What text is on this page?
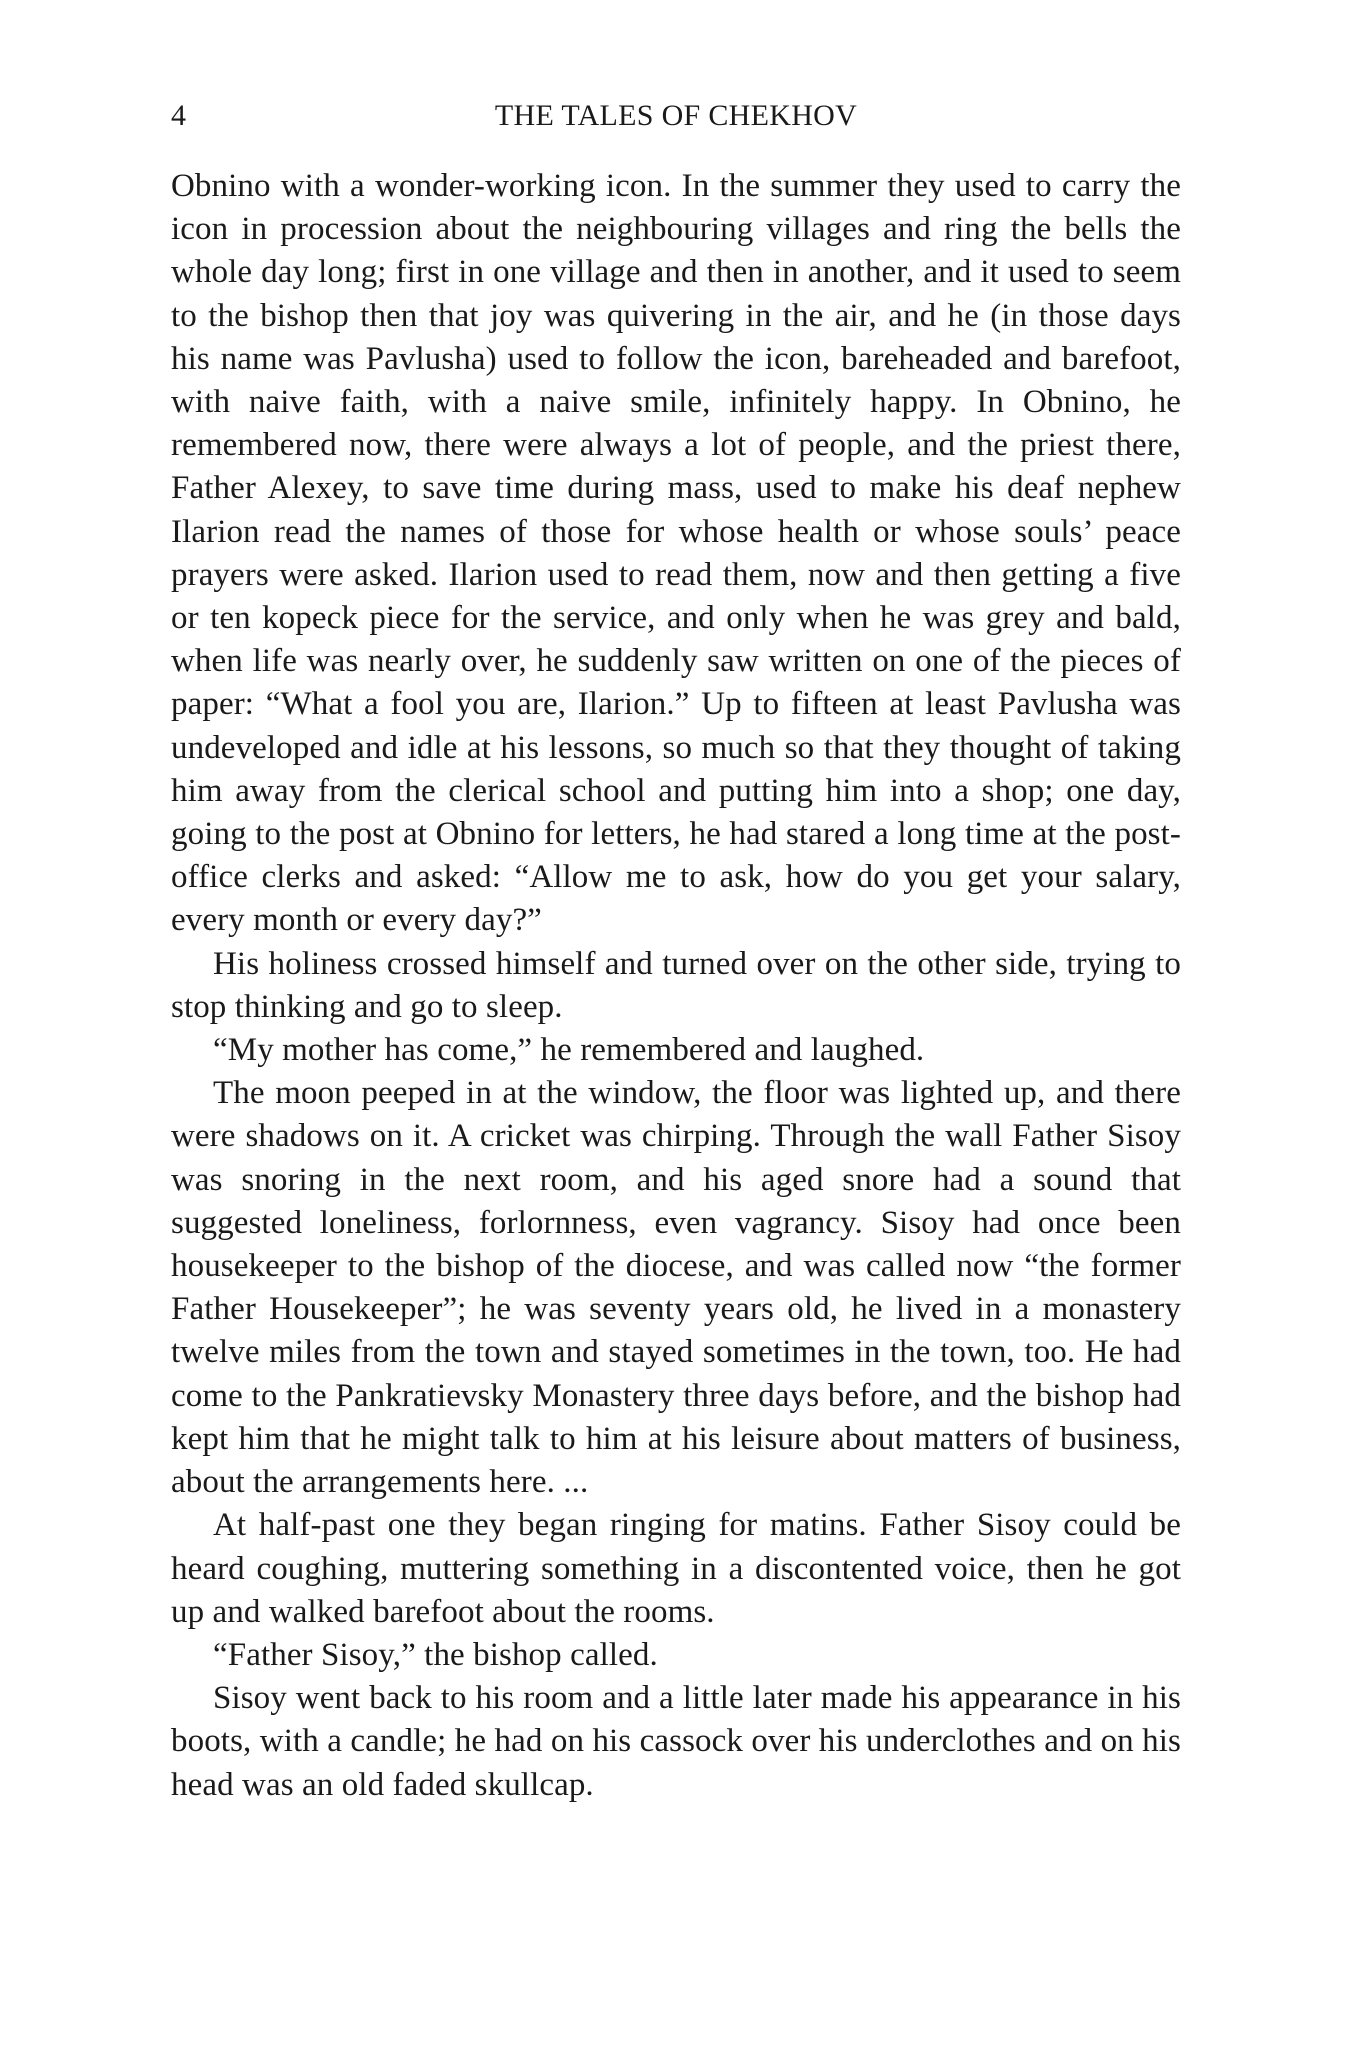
4	THE TALES OF CHEKHOV

Obnino with a wonder-working icon. In the summer they used to carry the icon in procession about the neighbouring villages and ring the bells the whole day long; first in one village and then in another, and it used to seem to the bishop then that joy was quivering in the air, and he (in those days his name was Pavlusha) used to follow the icon, bareheaded and barefoot, with naive faith, with a naive smile, infinitely happy. In Obnino, he remembered now, there were always a lot of people, and the priest there, Father Alexey, to save time during mass, used to make his deaf nephew Ilarion read the names of those for whose health or whose souls’ peace prayers were asked. Ilarion used to read them, now and then getting a five or ten kopeck piece for the service, and only when he was grey and bald, when life was nearly over, he suddenly saw written on one of the pieces of paper: “What a fool you are, Ilarion.” Up to fifteen at least Pavlusha was undeveloped and idle at his lessons, so much so that they thought of taking him away from the clerical school and putting him into a shop; one day, going to the post at Obnino for letters, he had stared a long time at the post-office clerks and asked: “Allow me to ask, how do you get your salary, every month or every day?”

His holiness crossed himself and turned over on the other side, trying to stop thinking and go to sleep.

“My mother has come,” he remembered and laughed.

The moon peeped in at the window, the floor was lighted up, and there were shadows on it. A cricket was chirping. Through the wall Father Sisoy was snoring in the next room, and his aged snore had a sound that suggested loneliness, forlornness, even vagrancy. Sisoy had once been housekeeper to the bishop of the diocese, and was called now “the former Father Housekeeper”; he was seventy years old, he lived in a monastery twelve miles from the town and stayed sometimes in the town, too. He had come to the Pankratievsky Monastery three days before, and the bishop had kept him that he might talk to him at his leisure about matters of business, about the arrangements here. ...

At half-past one they began ringing for matins. Father Sisoy could be heard coughing, muttering something in a discontented voice, then he got up and walked barefoot about the rooms.

“Father Sisoy,” the bishop called.

Sisoy went back to his room and a little later made his appearance in his boots, with a candle; he had on his cassock over his underclothes and on his head was an old faded skullcap.
